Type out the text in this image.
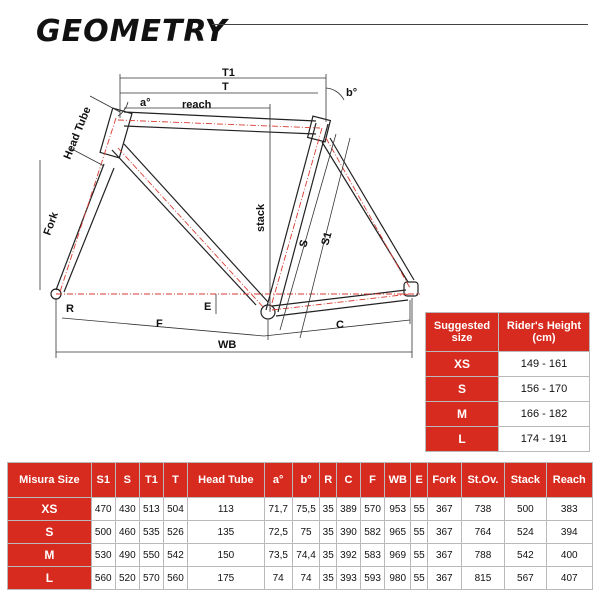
GEOMETRY
T1
T
a°	reach
b°
Head Tube
Fork	stack
S S1
E
R
F	C
WB
Suggested size	Rider's Height (cm)
XS	149 - 161
S	156 - 170
M	166 - 182
L	174 - 191
Misura Size	S1	S	T1	T	Head Tube	a°	b°	R	C	F	WB	E	Fork	St.Ov.	Stack	Reach
XS	470	430	513	504	113	71,7	75,5	35	389	570	953	55	367	738	500	383
S	500	460	535	526	135	72,5	75	35	390	582	965	55	367	764	524	394
M	530	490	550	542	150	73,5	74,4	35	392	583	969	55	367	788	542	400
L	560	520	570	560	175	74	74	35	393	593	980	55	367	815	567	407
